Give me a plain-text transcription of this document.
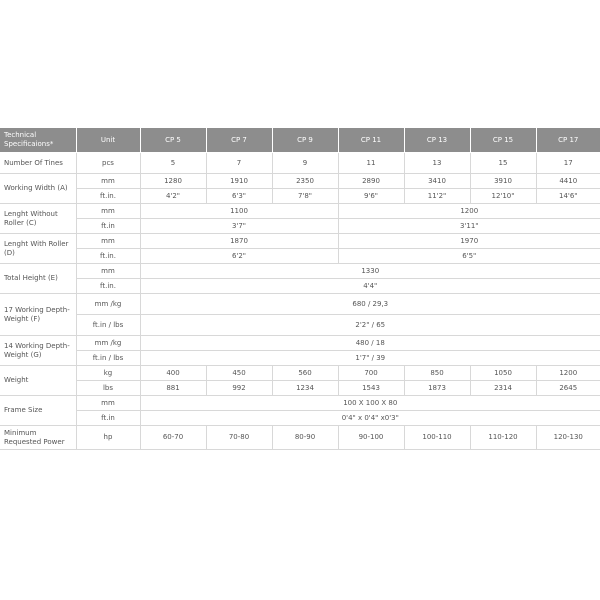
Technical Specificaions*	Unit	CP 5	CP 7	CP 9	CP 11	CP 13	CP 15	CP 17
Number Of Tines	pcs	5	7	9	11	13	15	17
Working Width (A)	mm	1280	1910	2350	2890	3410	3910	4410
	ft.in.	4'2"	6'3"	7'8"	9'6"	11'2"	12'10"	14'6"
Lenght Without Roller (C)	mm	1100			1200			
	ft.in	3'7"			3'11"			
Lenght With Roller (D)	mm	1870			1970			
	ft.in.	6'2"			6'5"			
Total Height (E)	mm	1330						
	ft.in.	4'4"						
17 Working Depth-Weight (F)	mm /kg	680 / 29,3						
	ft.in / lbs	2'2" / 65						
14 Working Depth-Weight (G)	mm /kg	480 / 18						
	ft.in / lbs	1'7" / 39						
Weight	kg	400	450	560	700	850	1050	1200
	lbs	881	992	1234	1543	1873	2314	2645
Frame Size	mm	100 X 100 X 80						
	ft.in	0'4" x 0'4" x0'3"						
Minimum Requested Power	hp	60-70	70-80	80-90	90-100	100-110	110-120	120-130
